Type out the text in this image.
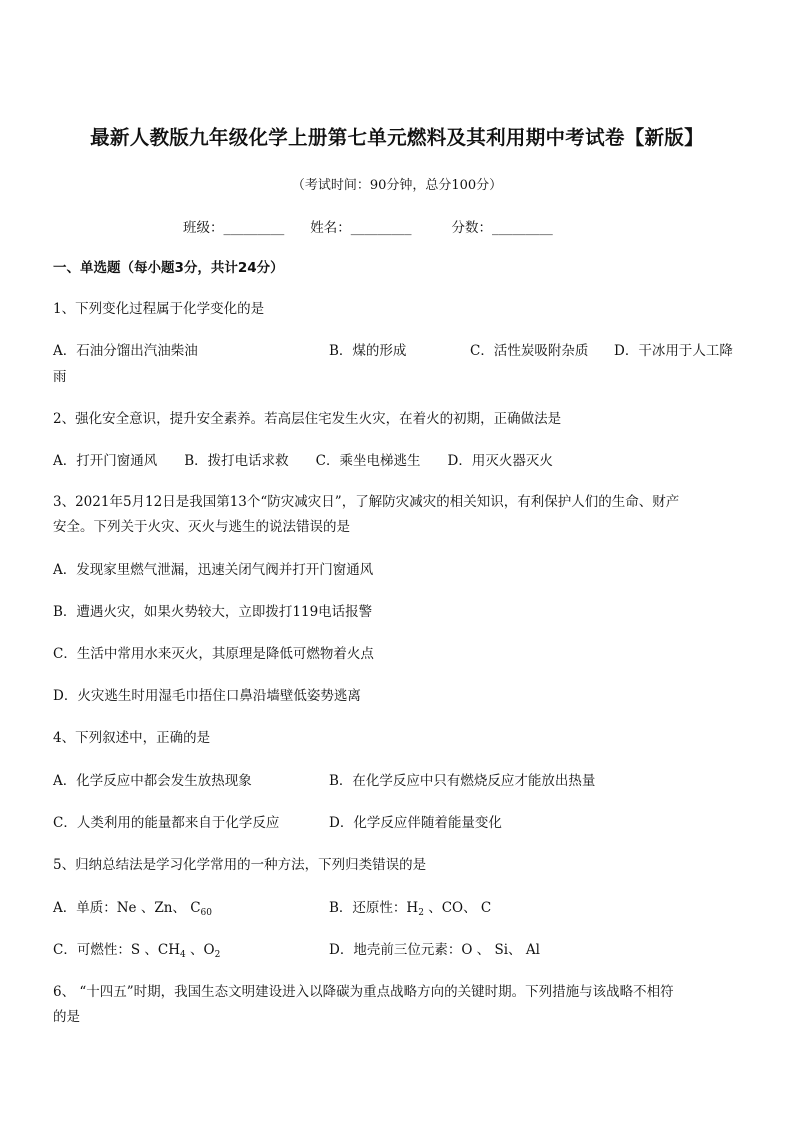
最新人教版九年级化学上册第七单元燃料及其利用期中考试卷【新版】
（考试时间：90分钟，总分100分）
班级：_________ 姓名：_________	分数：_________
一、单选题（每小题3分，共计24分）
1、下列变化过程属于化学变化的是
A．石油分馏出汽油柴油	B．煤的形成	C．活性炭吸附杂质 D．干冰用于人工降
雨
2、强化安全意识，提升安全素养。若高层住宅发生火灾，在着火的初期，正确做法是
A．打开门窗通风　　B．拨打电话求救　　C．乘坐电梯逃生　　D．用灭火器灭火
3、2021年5月12日是我国第13个“防灾减灾日”，了解防灾减灾的相关知识，有利保护人们的生命、财产
安全。下列关于火灾、灭火与逃生的说法错误的是
A．发现家里燃气泄漏，迅速关闭气阀并打开门窗通风
B．遭遇火灾，如果火势较大，立即拨打119电话报警
C．生活中常用水来灭火，其原理是降低可燃物着火点
D．火灾逃生时用湿毛巾捂住口鼻沿墙壁低姿势逃离
4、下列叙述中，正确的是
A．化学反应中都会发生放热现象	B．在化学反应中只有燃烧反应才能放出热量
C．人类利用的能量都来自于化学反应	D．化学反应伴随着能量变化
5、归纳总结法是学习化学常用的一种方法，下列归类错误的是
A．单质：Ne 、Zn、 $C_{60}$	B．还原性：$H_2$ 、CO、 C
C．可燃性：S 、$CH_4$ 、$O_2$	D．地壳前三位元素：O 、 Si、 Al
6、 “十四五”时期，我国生态文明建设进入以降碳为重点战略方向的关键时期。下列措施与该战略不相符
的是
